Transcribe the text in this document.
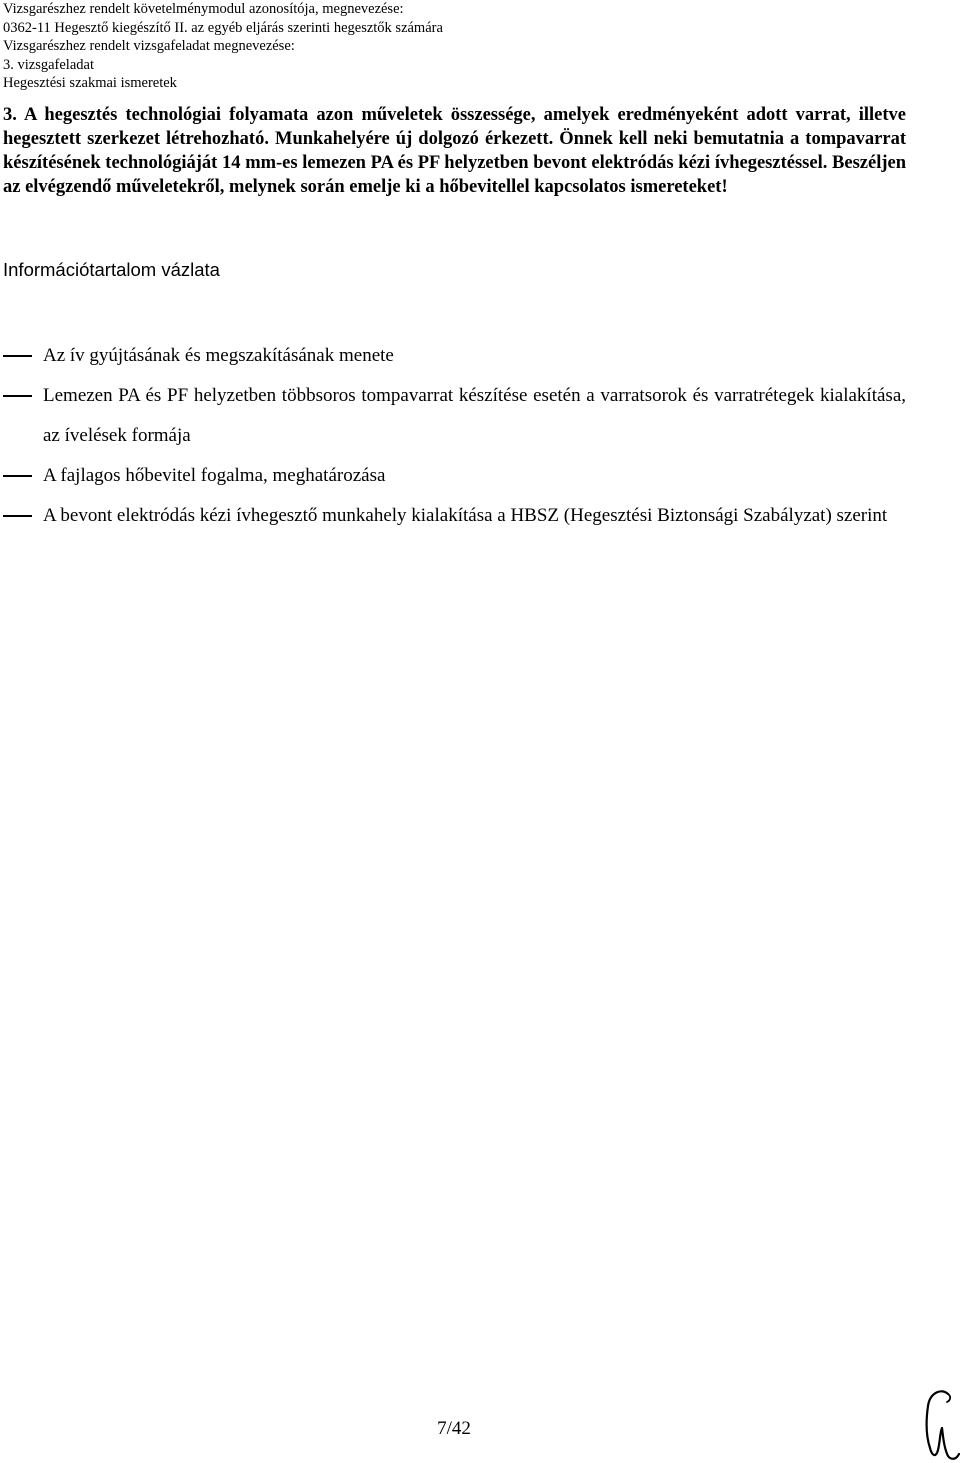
Vizsgarészhez rendelt követelménymodul azonosítója, megnevezése:
0362-11 Hegesztő kiegészítő II. az egyéb eljárás szerinti hegesztők számára
Vizsgarészhez rendelt vizsgafeladat megnevezése:
3. vizsgafeladat
Hegesztési szakmai ismeretek
3. A hegesztés technológiai folyamata azon műveletek összessége, amelyek eredményeként adott varrat, illetve hegesztett szerkezet létrehozható. Munkahelyére új dolgozó érkezett. Önnek kell neki bemutatnia a tompavarrat készítésének technológiáját 14 mm-es lemezen PA és PF helyzetben bevont elektródás kézi ívhegesztéssel. Beszéljen az elvégzendő műveletekről, melynek során emelje ki a hőbevitellel kapcsolatos ismereteket!
Információtartalom vázlata
Az ív gyújtásának és megszakításának menete
Lemezen PA és PF helyzetben többsoros tompavarrat készítése esetén a varratsorok és varratrétegek kialakítása, az ívelések formája
A fajlagos hőbevitel fogalma, meghatározása
A bevont elektródás kézi ívhegesztő munkahely kialakítása a HBSZ (Hegesztési Biztonsági Szabályzat) szerint
7/42
